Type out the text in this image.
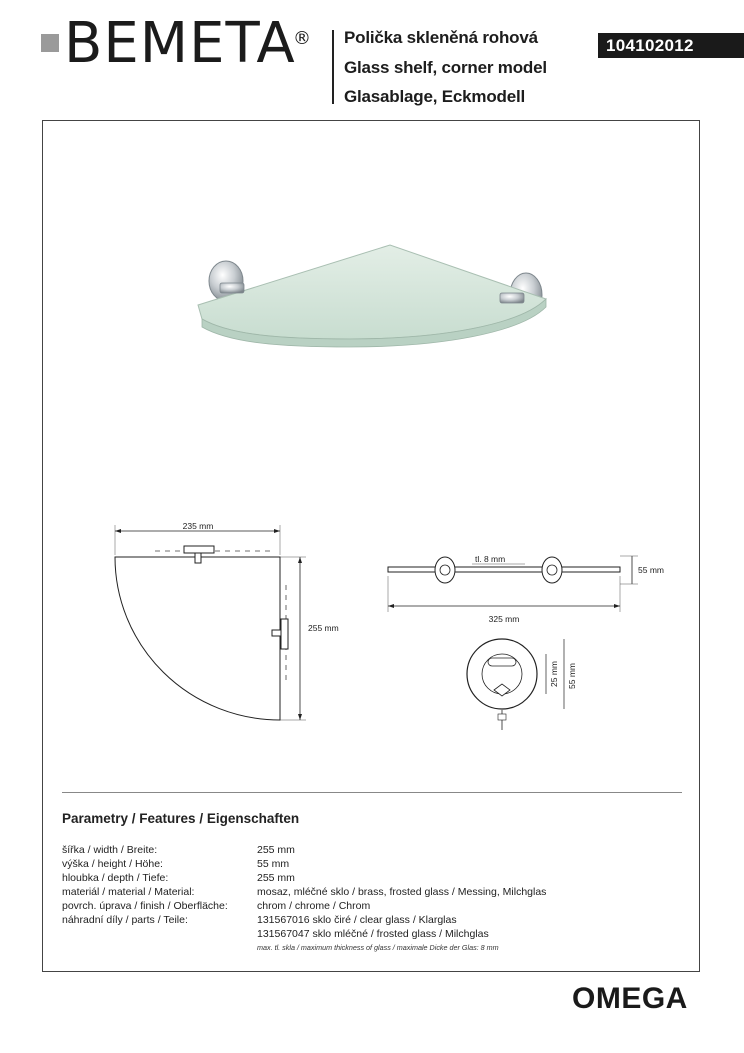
BEMETA
® Polička skleněná rohová
Glass shelf, corner model
Glasablage, Eckmodell
104102012
235 mm
255 mm
tl. 8 mm
55 mm
325 mm
25 mm 55 mm
Parametry / Features / Eigenschaften
šířka / width / Breite:	255 mm
výška / height / Höhe:	55 mm
hloubka / depth / Tiefe:	255 mm
materiál / material / Material:	mosaz, mléčné sklo / brass, frosted glass / Messing, Milchglas
povrch. úprava / finish / Oberfläche:	chrom / chrome / Chrom
náhradní díly / parts / Teile:	131567016 sklo čiré / clear glass / Klarglas
131567047 sklo mléčné / frosted glass / Milchglas
max. tl. skla / maximum thickness of glass / maximale Dicke der Glas: 8 mm
OMEGA
